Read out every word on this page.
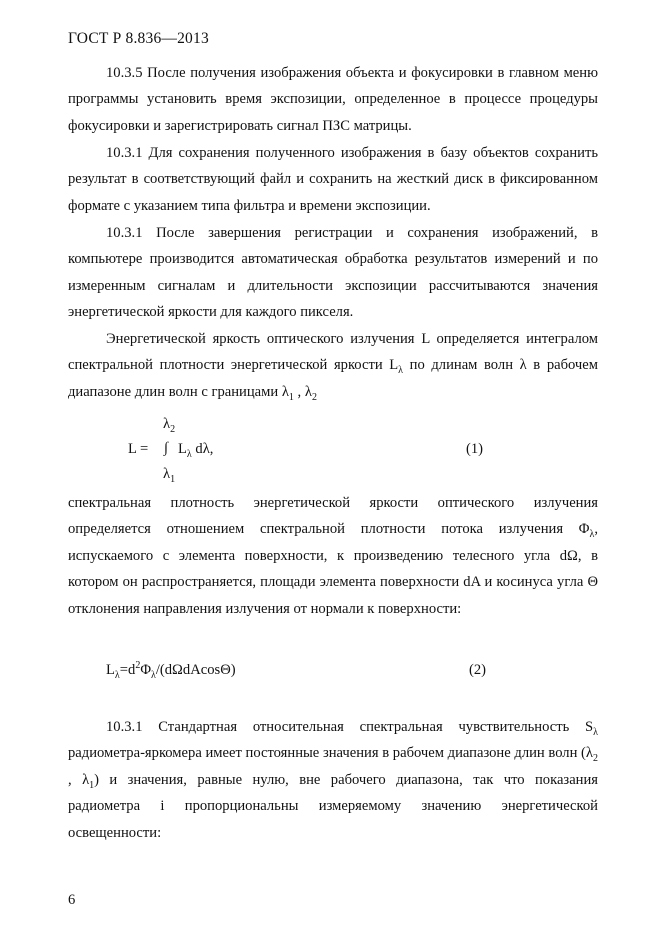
ГОСТ Р 8.836—2013
10.3.5 После получения изображения объекта и фокусировки в главном меню программы установить время экспозиции, определенное в процессе процедуры фокусировки и зарегистрировать сигнал ПЗС матрицы.
10.3.1 Для сохранения полученного изображения в базу объектов сохранить результат в соответствующий файл и сохранить на жесткий диск в фиксированном формате с указанием типа фильтра и времени экспозиции.
10.3.1 После завершения регистрации и сохранения изображений, в компьютере производится автоматическая обработка результатов измерений и по измеренным сигналам и длительности экспозиции рассчитываются значения энергетической яркости для каждого пикселя.
Энергетической яркость оптического излучения L определяется интегралом спектральной плотности энергетической яркости $L_\lambda$ по длинам волн λ в рабочем диапазоне длин волн с границами $\lambda_1$ , $\lambda_2$
$\lambda_2$
L = ∫ $L_\lambda$ dλ,	(1)
$\lambda_1$
спектральная плотность энергетической яркости оптического излучения определяется отношением спектральной плотности потока излучения $\Phi_\lambda$, испускаемого с элемента поверхности, к произведению телесного угла dΩ, в котором он распространяется, площади элемента поверхности dA и косинуса угла Θ отклонения направления излучения от нормали к поверхности:
$L_\lambda=d^2\Phi_\lambda/(d\Omega dAcos\Theta)$	(2)
10.3.1 Стандартная относительная спектральная чувствительность $S_\lambda$ радиометра-яркомера имеет постоянные значения в рабочем диапазоне длин волн ($\lambda_2$ , $\lambda_1$) и значения, равные нулю, вне рабочего диапазона, так что показания радиометра i пропорциональны измеряемому значению энергетической освещенности:
6
